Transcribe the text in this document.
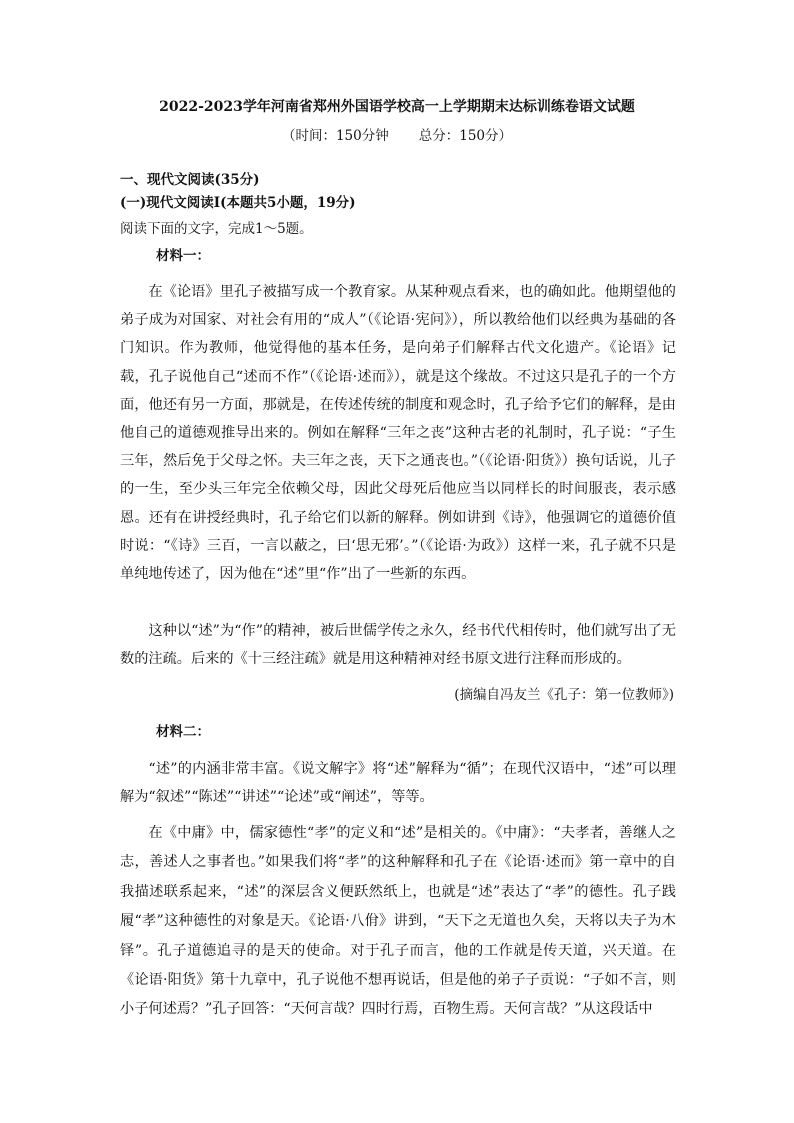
2022-2023学年河南省郑州外国语学校高一上学期期末达标训练卷语文试题
（时间：150分钟 总分：150分）
一、现代文阅读(35分)
(一)现代文阅读Ⅰ(本题共5小题，19分)
阅读下面的文字，完成1～5题。
材料一：
在《论语》里孔子被描写成一个教育家。从某种观点看来，也的确如此。他期望他的弟子成为对国家、对社会有用的“成人”（《论语·宪问》），所以教给他们以经典为基础的各门知识。作为教师，他觉得他的基本任务，是向弟子们解释古代文化遗产。《论语》记载，孔子说他自己“述而不作”（《论语·述而》），就是这个缘故。不过这只是孔子的一个方面，他还有另一方面，那就是，在传述传统的制度和观念时，孔子给予它们的解释，是由他自己的道德观推导出来的。例如在解释“三年之丧”这种古老的礼制时，孔子说：“子生三年，然后免于父母之怀。夫三年之丧，天下之通丧也。”（《论语·阳货》）换句话说，儿子的一生，至少头三年完全依赖父母，因此父母死后他应当以同样长的时间服丧，表示感恩。还有在讲授经典时，孔子给它们以新的解释。例如讲到《诗》，他强调它的道德价值时说：“《诗》三百，一言以蔽之，曰‘思无邪’。”（《论语·为政》）这样一来，孔子就不只是单纯地传述了，因为他在“述”里“作”出了一些新的东西。
这种以“述”为“作”的精神，被后世儒学传之永久，经书代代相传时，他们就写出了无数的注疏。后来的《十三经注疏》就是用这种精神对经书原文进行注释而形成的。
(摘编自冯友兰《孔子：第一位教师》)
材料二：
“述”的内涵非常丰富。《说文解字》将“述”解释为“循”；在现代汉语中，“述”可以理解为“叙述”“陈述”“讲述”“论述”或“阐述”，等等。
在《中庸》中，儒家德性“孝”的定义和“述”是相关的。《中庸》：“夫孝者，善继人之志，善述人之事者也。”如果我们将“孝”的这种解释和孔子在《论语·述而》第一章中的自我描述联系起来，“述”的深层含义便跃然纸上，也就是“述”表达了“孝”的德性。孔子践履“孝”这种德性的对象是天。《论语·八佾》讲到，“天下之无道也久矣，天将以夫子为木铎”。孔子道德追寻的是天的使命。对于孔子而言，他的工作就是传天道，兴天道。在《论语·阳货》第十九章中，孔子说他不想再说话，但是他的弟子子贡说：“子如不言，则小子何述焉？”孔子回答：“天何言哉？四时行焉，百物生焉。天何言哉？”从这段话中
